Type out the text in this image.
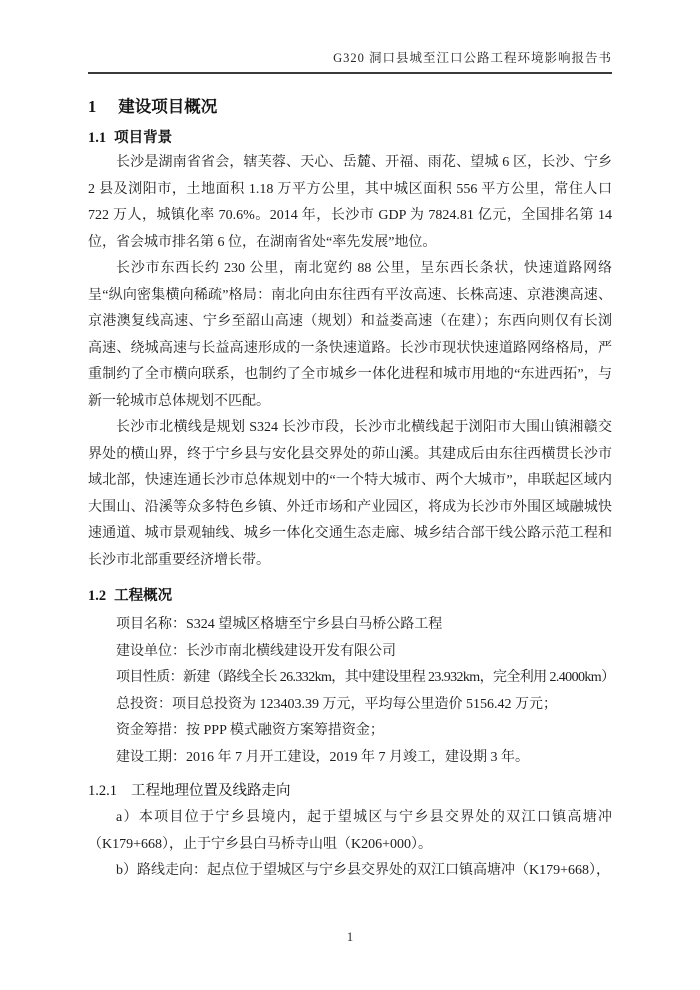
G320 洞口县城至江口公路工程环境影响报告书
1 建设项目概况
1.1 项目背景

长沙是湖南省省会，辖芙蓉、天心、岳麓、开福、雨花、望城 6 区，长沙、宁乡 2 县及浏阳市，土地面积 1.18 万平方公里，其中城区面积 556 平方公里，常住人口 722 万人，城镇化率 70.6%。2014 年，长沙市 GDP 为 7824.81 亿元，全国排名第 14 位，省会城市排名第 6 位，在湖南省处“率先发展”地位。

长沙市东西长约 230 公里，南北宽约 88 公里，呈东西长条状，快速道路网络呈“纵向密集横向稀疏”格局：南北向由东往西有平汝高速、长株高速、京港澳高速、京港澳复线高速、宁乡至韶山高速（规划）和益娄高速（在建）；东西向则仅有长浏高速、绕城高速与长益高速形成的一条快速道路。长沙市现状快速道路网络格局，严重制约了全市横向联系，也制约了全市城乡一体化进程和城市用地的“东进西拓”，与新一轮城市总体规划不匹配。

长沙市北横线是规划 S324 长沙市段，长沙市北横线起于浏阳市大围山镇湘赣交界处的横山界，终于宁乡县与安化县交界处的茆山溪。其建成后由东往西横贯长沙市域北部，快速连通长沙市总体规划中的“一个特大城市、两个大城市”，串联起区域内大围山、沿溪等众多特色乡镇、外迁市场和产业园区，将成为长沙市外围区域融城快速通道、城市景观轴线、城乡一体化交通生态走廊、城乡结合部干线公路示范工程和长沙市北部重要经济增长带。

1.2 工程概况

项目名称：S324 望城区格塘至宁乡县白马桥公路工程

建设单位：长沙市南北横线建设开发有限公司

项目性质：新建（路线全长 26.332km，其中建设里程 23.932km，完全利用 2.4000km）

总投资：项目总投资为 123403.39 万元，平均每公里造价 5156.42 万元；

资金筹措：按 PPP 模式融资方案筹措资金；

建设工期：2016 年 7 月开工建设，2019 年 7 月竣工，建设期 3 年。

1.2.1 工程地理位置及线路走向

a）本项目位于宁乡县境内，起于望城区与宁乡县交界处的双江口镇高塘冲（K179+668），止于宁乡县白马桥寺山咀（K206+000）。

b）路线走向：起点位于望城区与宁乡县交界处的双江口镇高塘冲（K179+668），

1
